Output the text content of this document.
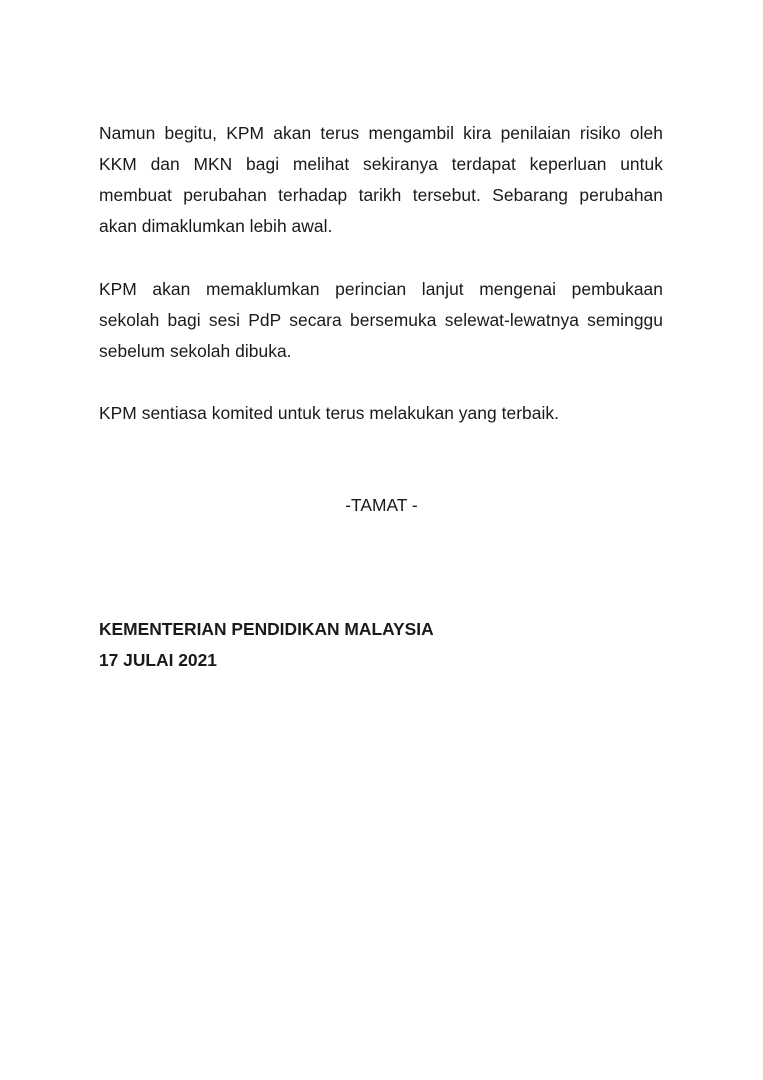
Namun begitu, KPM akan terus mengambil kira penilaian risiko oleh KKM dan MKN bagi melihat sekiranya terdapat keperluan untuk membuat perubahan terhadap tarikh tersebut. Sebarang perubahan akan dimaklumkan lebih awal.

KPM akan memaklumkan perincian lanjut mengenai pembukaan sekolah bagi sesi PdP secara bersemuka selewat-lewatnya seminggu sebelum sekolah dibuka.

KPM sentiasa komited untuk terus melakukan yang terbaik.

-TAMAT -

KEMENTERIAN PENDIDIKAN MALAYSIA

17 JULAI 2021
